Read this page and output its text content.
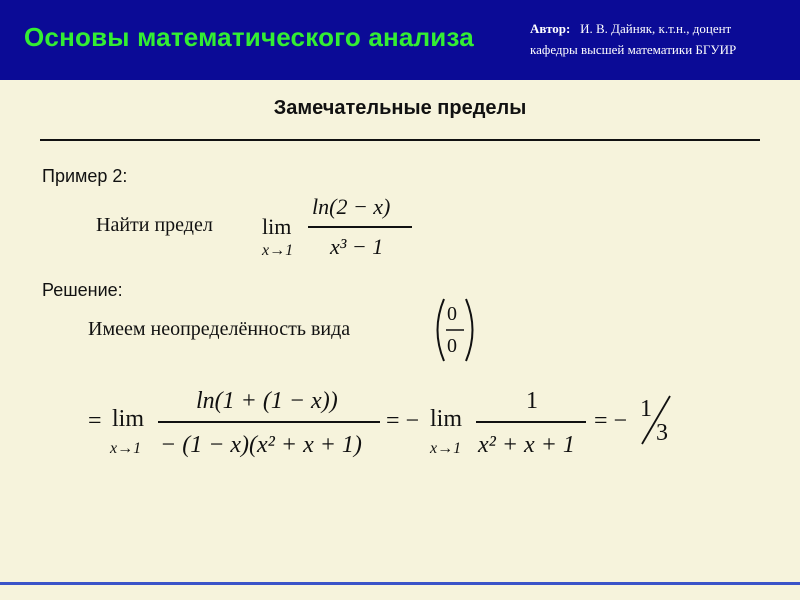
Основы математического анализа	Автор: И. В. Дайняк, к.т.н., доцент
кафедры высшей математики БГУИР
Замечательные пределы
Пример 2:
Найти предел lim
x→1
ln(2 − x)
x³ − 1
Решение:
Имеем неопределённость вида
0
0
= lim
x→1
ln(1 + (1 − x))
− (1 − x)(x² + x + 1)
= − lim
x→1
1
x² + x + 1
= − 1
3
